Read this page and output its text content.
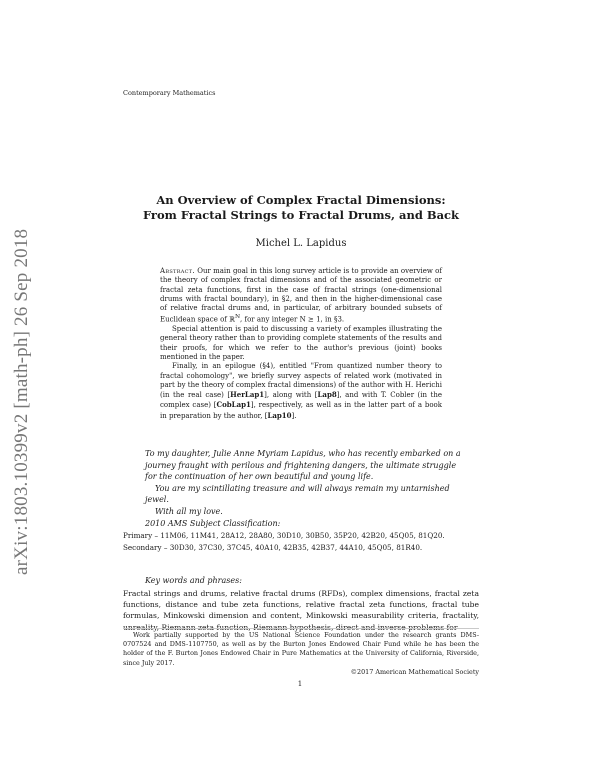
Contemporary Mathematics
arXiv:1803.10399v2 [math-ph] 26 Sep 2018
An Overview of Complex Fractal Dimensions:
From Fractal Strings to Fractal Drums, and Back
Michel L. Lapidus

Abstract. Our main goal in this long survey article is to provide an overview of the theory of complex fractal dimensions and of the associated geometric or fractal zeta functions, first in the case of fractal strings (one-dimensional drums with fractal boundary), in §2, and then in the higher-dimensional case of relative fractal drums and, in particular, of arbitrary bounded subsets of Euclidean space of ℝ$^N$, for any integer N ≥ 1, in §3.

Special attention is paid to discussing a variety of examples illustrating the general theory rather than to providing complete statements of the results and their proofs, for which we refer to the author's previous (joint) books mentioned in the paper.

Finally, in an epilogue (§4), entitled "From quantized number theory to fractal cohomology", we briefly survey aspects of related work (motivated in part by the theory of complex fractal dimensions) of the author with H. Herichi (in the real case) [HerLap1], along with [Lap8], and with T. Cobler (in the complex case) [CobLap1], respectively, as well as in the latter part of a book in preparation by the author, [Lap10].

To my daughter, Julie Anne Myriam Lapidus, who has recently embarked on a journey fraught with perilous and frightening dangers, the ultimate struggle for the continuation of her own beautiful and young life.

You are my scintillating treasure and will always remain my untarnished jewel.

With all my love.

2010 AMS Subject Classification:
Primary – 11M06, 11M41, 28A12, 28A80, 30D10, 30B50, 35P20, 42B20, 45Q05, 81Q20.
Secondary – 30D30, 37C30, 37C45, 40A10, 42B35, 42B37, 44A10, 45Q05, 81R40.
Key words and phrases:
Fractal strings and drums, relative fractal drums (RFDs), complex dimensions, fractal zeta functions, distance and tube zeta functions, relative fractal zeta functions, fractal tube formulas, Minkowski dimension and content, Minkowski measurability criteria, fractality,

Work partially supported by the US National Science Foundation under the research grants DMS-0707524 and DMS-1107750, as well as by the Burton Jones Endowed Chair Fund while he has been the holder of the F. Burton Jones Endowed Chair in Pure Mathematics at the University of California, Riverside, since July 2017.

©2017 American Mathematical Society
1
